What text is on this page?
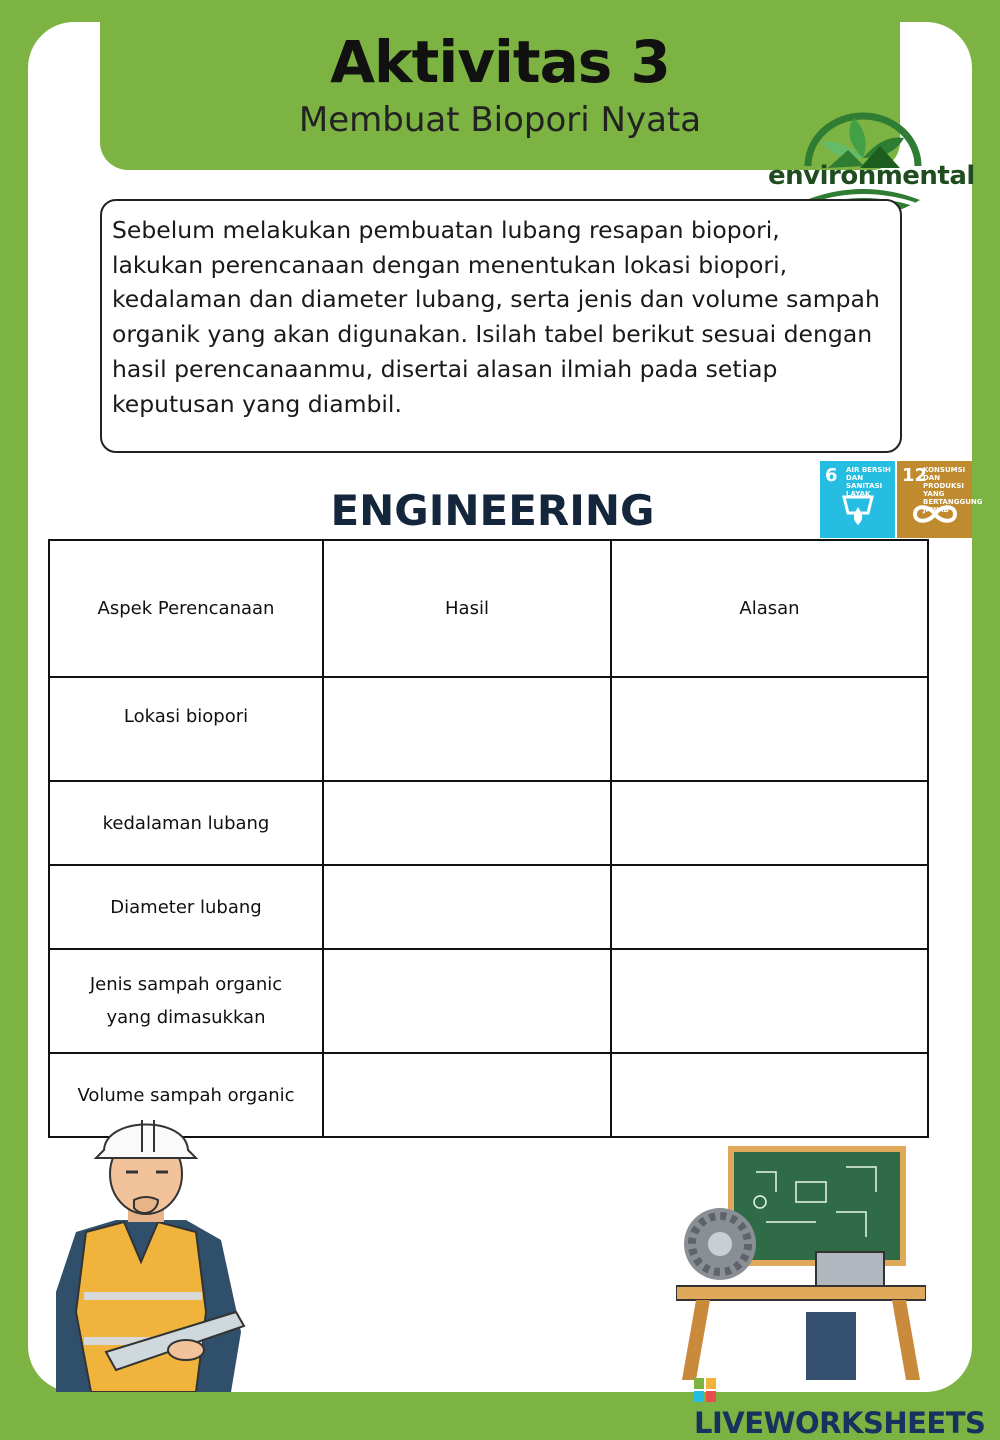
Aktivitas 3
Membuat Biopori Nyata
environmental
Sebelum melakukan pembuatan lubang resapan biopori,
lakukan perencanaan dengan menentukan lokasi biopori,
kedalaman dan diameter lubang, serta jenis dan volume sampah
organik yang akan digunakan. Isilah tabel berikut sesuai dengan
hasil perencanaanmu, disertai alasan ilmiah pada setiap
keputusan yang diambil.
ENGINEERING
6 AIR BERSIH DAN SANITASI LAYAK
12
KONSUMSI DAN PRODUKSI YANG BERTANGGUNG JAWAB
Aspek Perencanaan	Hasil	Alasan
Lokasi biopori		
kedalaman lubang		
Diameter lubang		

Jenis sampah organic
yang dimasukkan		

Volume sampah organic		
LIVEWORKSHEETS
